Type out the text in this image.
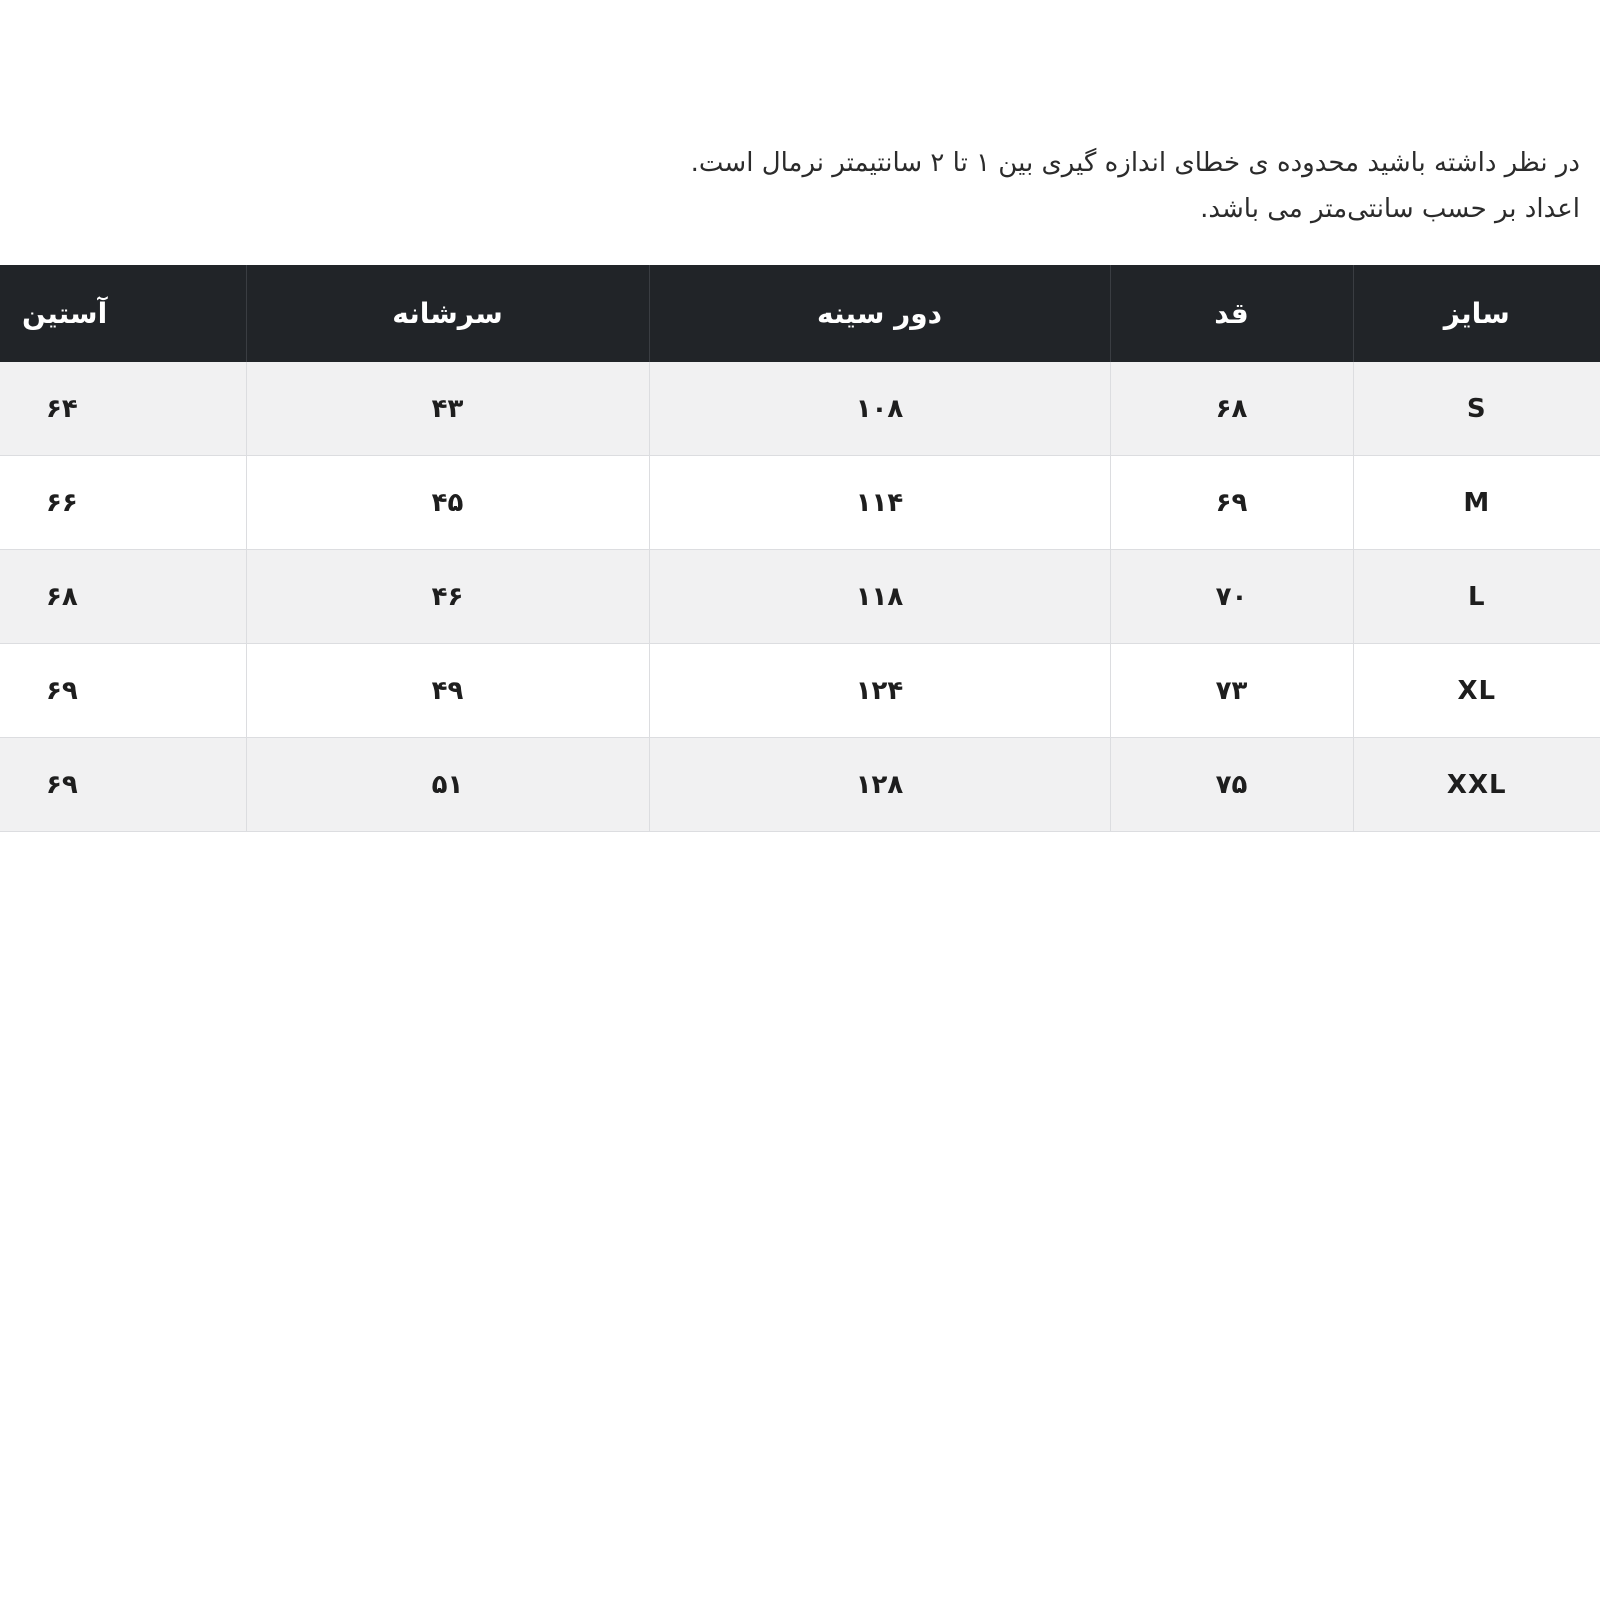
در نظر داشته باشید محدوده ی خطای اندازه گیری بین ۱ تا ۲ سانتیمتر نرمال است.

اعداد بر حسب سانتی‌متر می باشد.

سایز	قد	دور سینه	سرشانه	آستین
S	۶۸	۱۰۸	۴۳	۶۴
M	۶۹	۱۱۴	۴۵	۶۶
L	۷۰	۱۱۸	۴۶	۶۸
XL	۷۳	۱۲۴	۴۹	۶۹
XXL	۷۵	۱۲۸	۵۱	۶۹
